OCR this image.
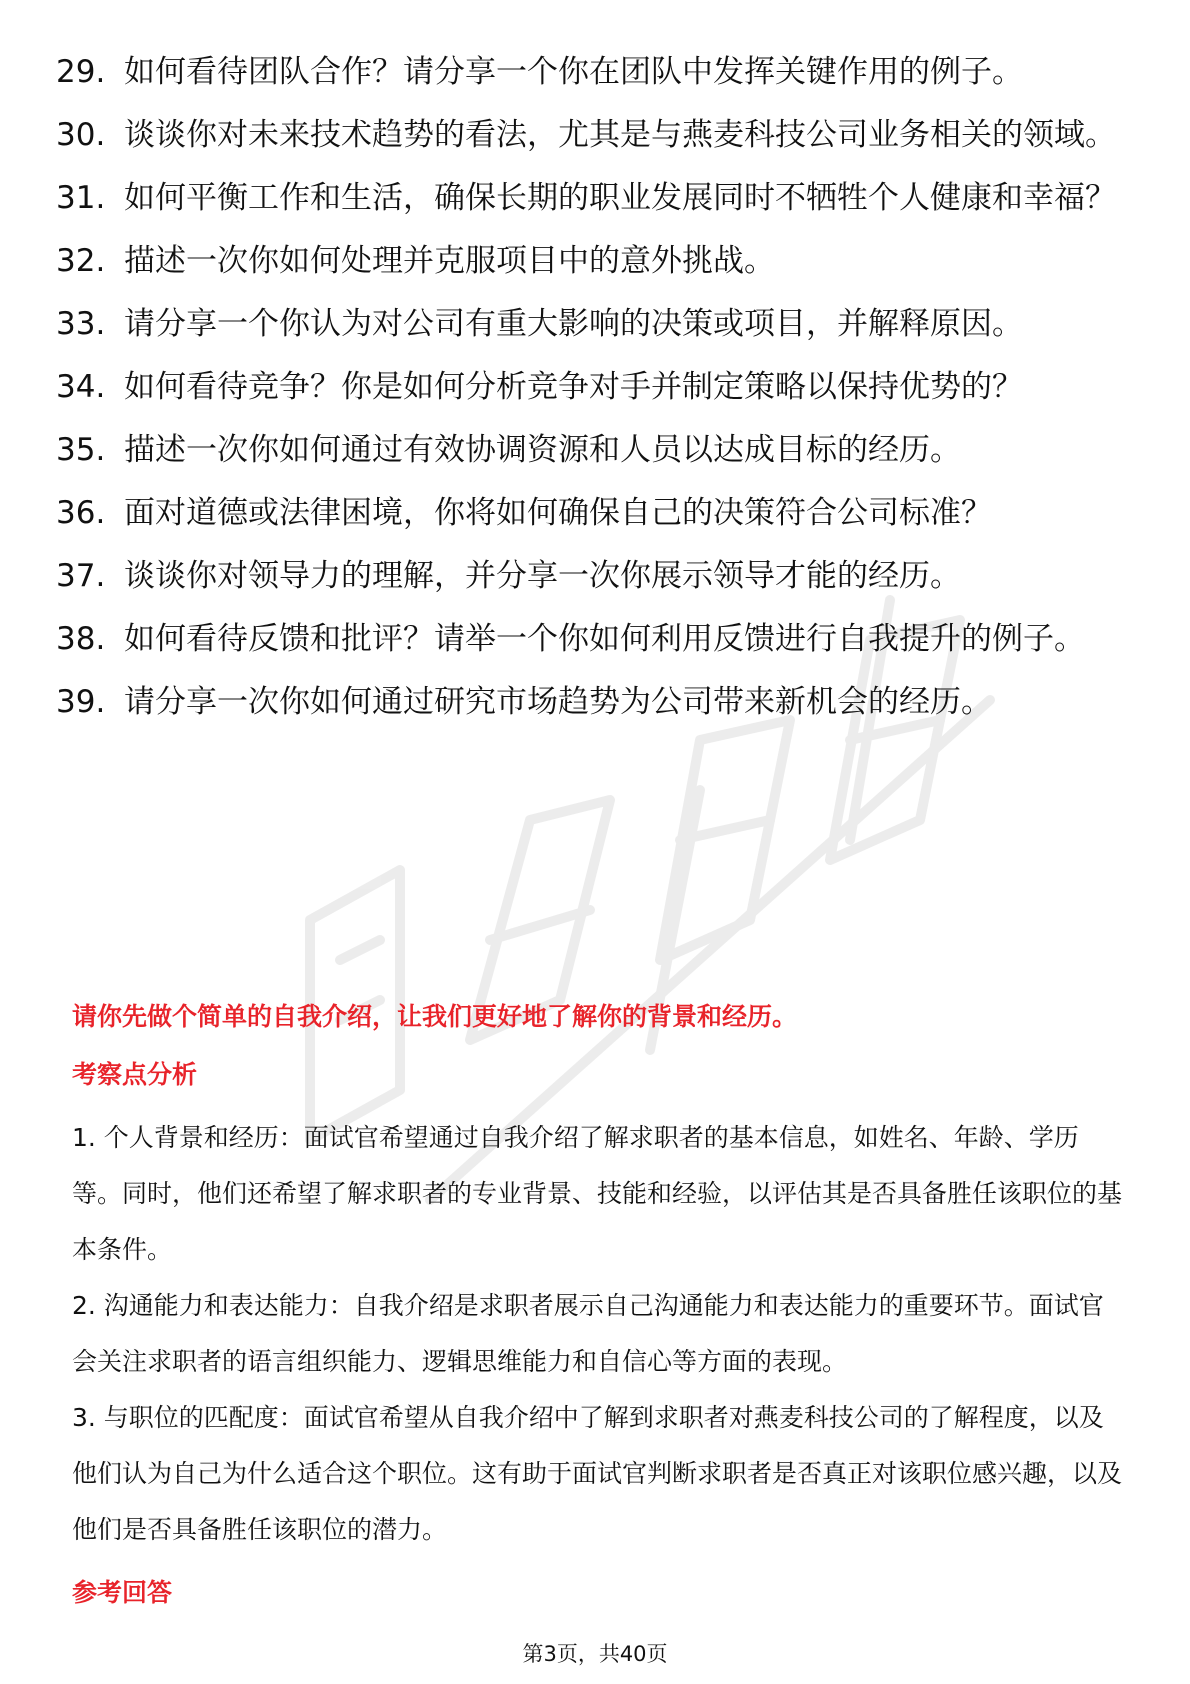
29. 如何看待团队合作？请分享一个你在团队中发挥关键作用的例子。
30. 谈谈你对未来技术趋势的看法，尤其是与燕麦科技公司业务相关的领域。
31. 如何平衡工作和生活，确保长期的职业发展同时不牺牲个人健康和幸福？
32. 描述一次你如何处理并克服项目中的意外挑战。
33. 请分享一个你认为对公司有重大影响的决策或项目，并解释原因。
34. 如何看待竞争？你是如何分析竞争对手并制定策略以保持优势的？
35. 描述一次你如何通过有效协调资源和人员以达成目标的经历。
36. 面对道德或法律困境，你将如何确保自己的决策符合公司标准？
37. 谈谈你对领导力的理解，并分享一次你展示领导才能的经历。
38. 如何看待反馈和批评？请举一个你如何利用反馈进行自我提升的例子。
39. 请分享一次你如何通过研究市场趋势为公司带来新机会的经历。
请你先做个简单的自我介绍，让我们更好地了解你的背景和经历。
考察点分析

1. 个人背景和经历：面试官希望通过自我介绍了解求职者的基本信息，如姓名、年龄、学历等。同时，他们还希望了解求职者的专业背景、技能和经验，以评估其是否具备胜任该职位的基本条件。

2. 沟通能力和表达能力：自我介绍是求职者展示自己沟通能力和表达能力的重要环节。面试官会关注求职者的语言组织能力、逻辑思维能力和自信心等方面的表现。

3. 与职位的匹配度：面试官希望从自我介绍中了解到求职者对燕麦科技公司的了解程度，以及他们认为自己为什么适合这个职位。这有助于面试官判断求职者是否真正对该职位感兴趣，以及他们是否具备胜任该职位的潜力。

参考回答
第3页，共40页
